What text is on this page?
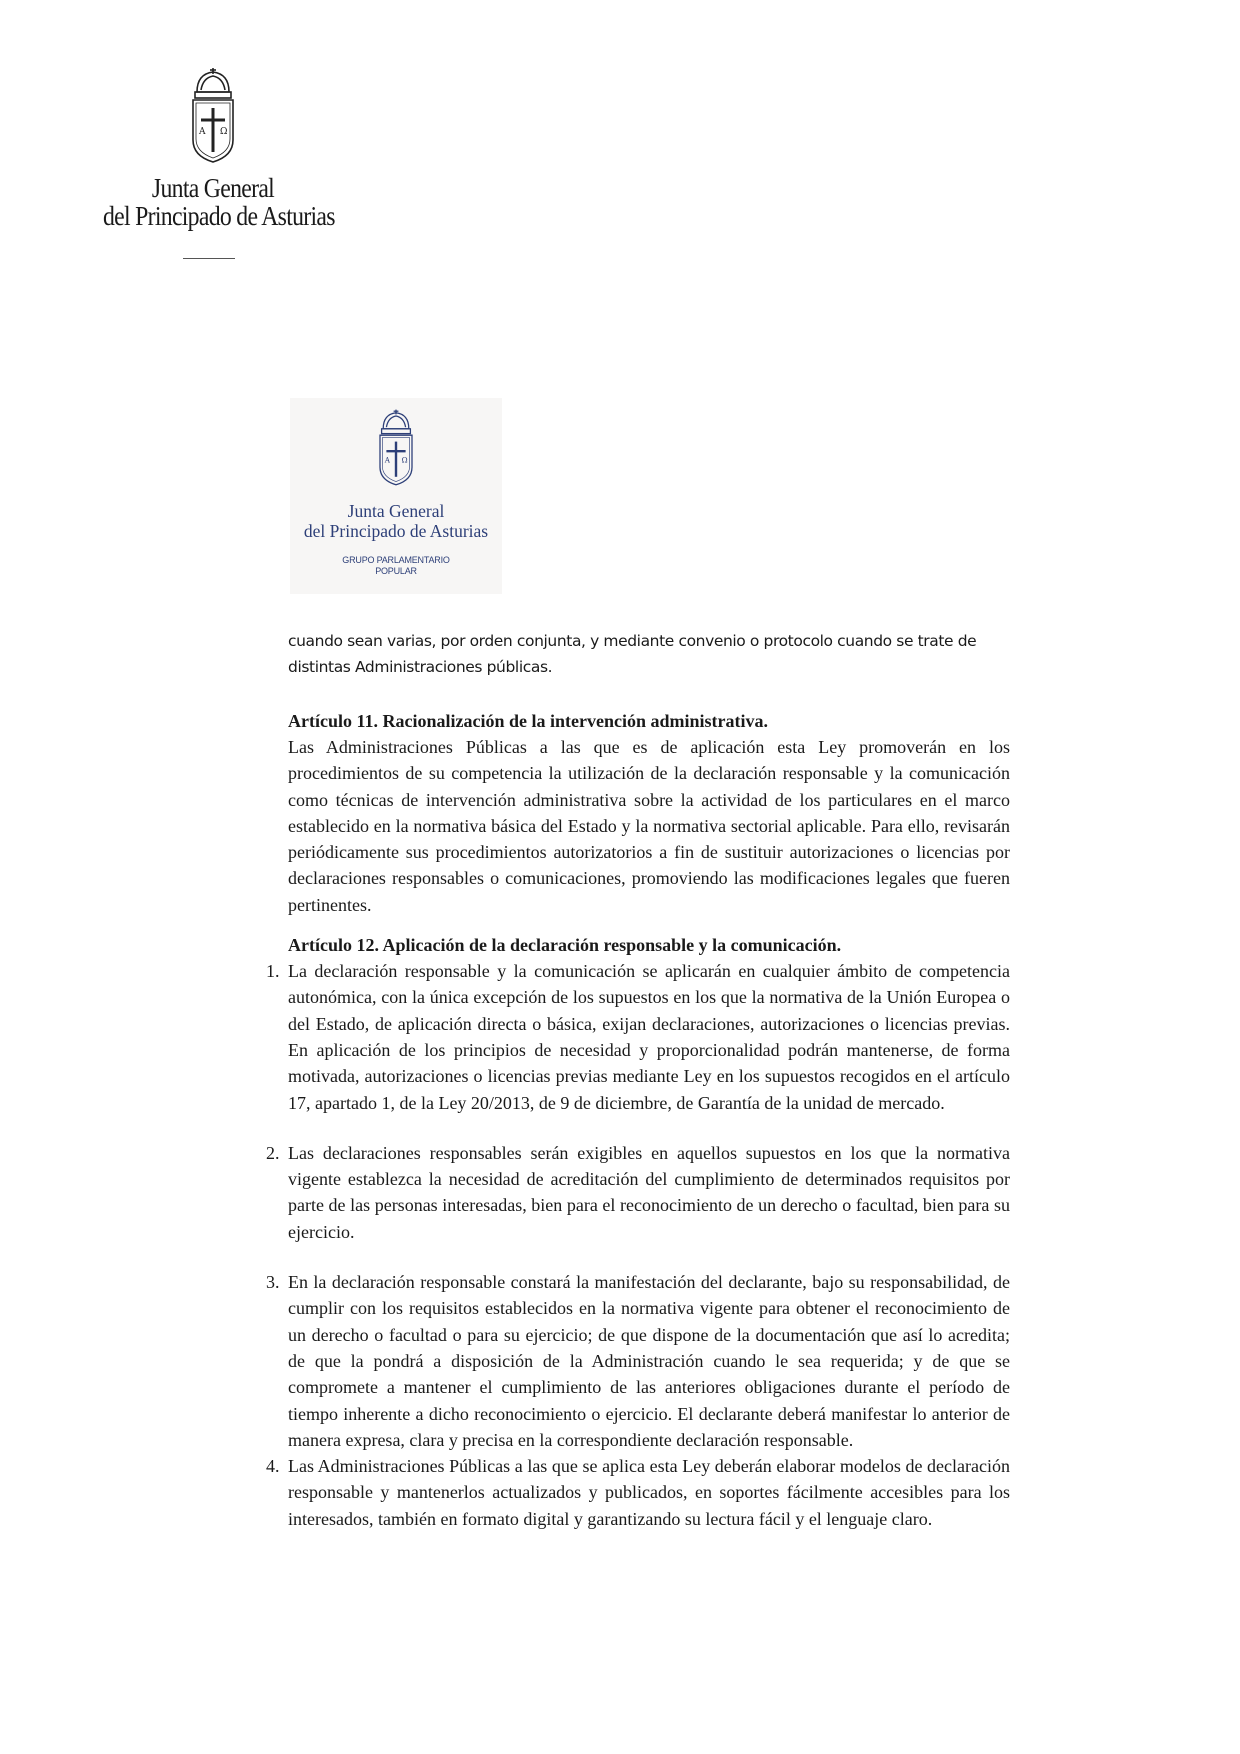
A Ω
Junta General
del Principado de Asturias
A Ω
Junta General
del Principado de Asturias
GRUPO PARLAMENTARIO
POPULAR

cuando sean varias, por orden conjunta, y mediante convenio o protocolo cuando se trate de distintas Administraciones públicas.

Artículo 11. Racionalización de la intervención administrativa.

Las Administraciones Públicas a las que es de aplicación esta Ley promoverán en los procedimientos de su competencia la utilización de la declaración responsable y la comunicación como técnicas de intervención administrativa sobre la actividad de los particulares en el marco establecido en la normativa básica del Estado y la normativa sectorial aplicable. Para ello, revisarán periódicamente sus procedimientos autorizatorios a fin de sustituir autorizaciones o licencias por declaraciones responsables o comunicaciones, promoviendo las modificaciones legales que fueren pertinentes.

Artículo 12. Aplicación de la declaración responsable y la comunicación.

1. La declaración responsable y la comunicación se aplicarán en cualquier ámbito de competencia autonómica, con la única excepción de los supuestos en los que la normativa de la Unión Europea o del Estado, de aplicación directa o básica, exijan declaraciones, autorizaciones o licencias previas. En aplicación de los principios de necesidad y proporcionalidad podrán mantenerse, de forma motivada, autorizaciones o licencias previas mediante Ley en los supuestos recogidos en el artículo 17, apartado 1, de la Ley 20/2013, de 9 de diciembre, de Garantía de la unidad de mercado.

2. Las declaraciones responsables serán exigibles en aquellos supuestos en los que la normativa vigente establezca la necesidad de acreditación del cumplimiento de determinados requisitos por parte de las personas interesadas, bien para el reconocimiento de un derecho o facultad, bien para su ejercicio.

3. En la declaración responsable constará la manifestación del declarante, bajo su responsabilidad, de cumplir con los requisitos establecidos en la normativa vigente para obtener el reconocimiento de un derecho o facultad o para su ejercicio; de que dispone de la documentación que así lo acredita; de que la pondrá a disposición de la Administración cuando le sea requerida; y de que se compromete a mantener el cumplimiento de las anteriores obligaciones durante el período de tiempo inherente a dicho reconocimiento o ejercicio. El declarante deberá manifestar lo anterior de manera expresa, clara y precisa en la correspondiente declaración responsable.

4. Las Administraciones Públicas a las que se aplica esta Ley deberán elaborar modelos de declaración responsable y mantenerlos actualizados y publicados, en soportes fácilmente accesibles para los interesados, también en formato digital y garantizando su lectura fácil y el lenguaje claro.
